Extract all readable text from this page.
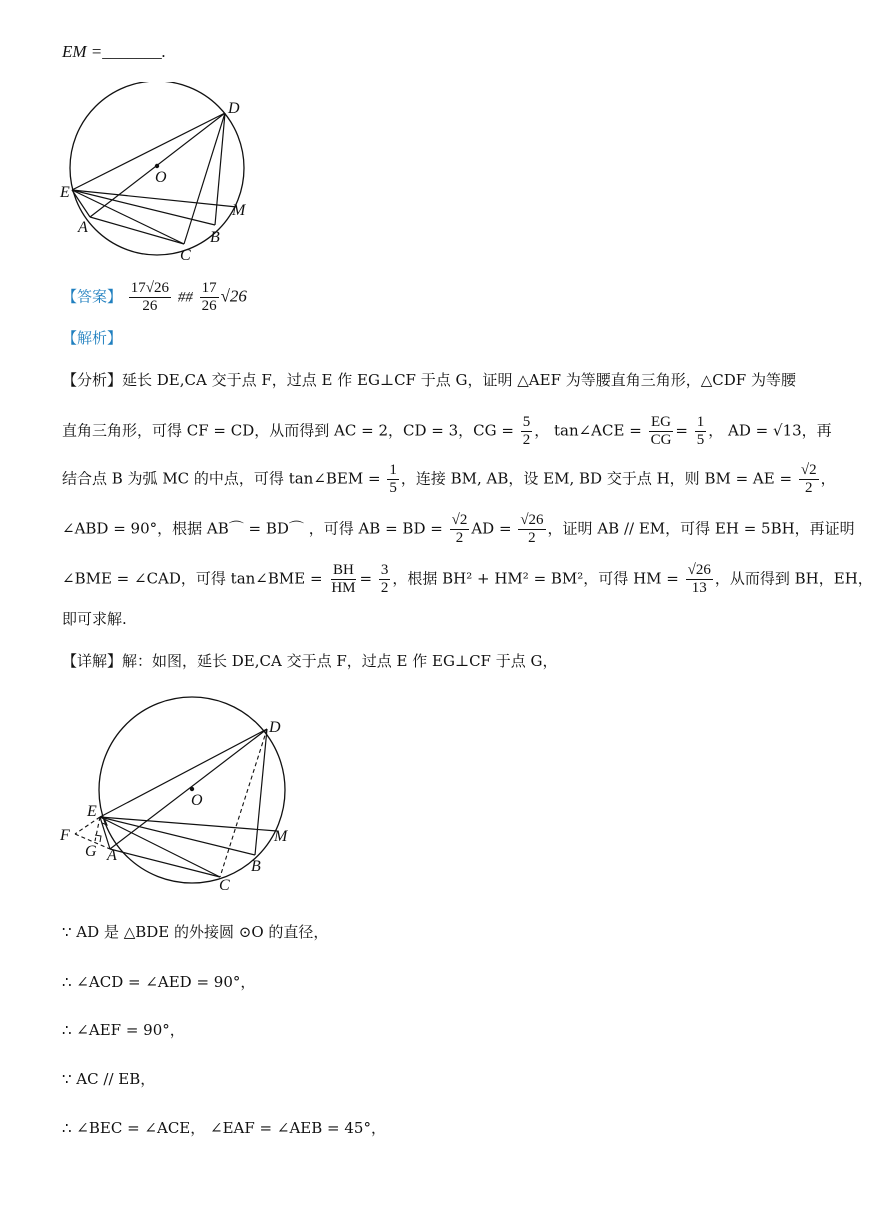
EM =_______.
D
O
E
M
A
B
C
【答案】 $\frac{17√26}{26}$ ## $\frac{17}{26} √26$
【解析】
【分析】延长 DE,CA 交于点 F，过点 E 作 EG⊥CF 于点 G，证明 △AEF 为等腰直角三角形，△CDF 为等腰
直角三角形，可得 CF = CD，从而得到 AC = 2，CD = 3，CG = $\frac{5}{2}$ ， tan∠ACE = $\frac{EG}{CG} = \frac{1}{5}$ ， AD = √13，再
结合点 B 为弧 MC 的中点，可得 tan∠BEM = $\frac{1}{5}$ ，连接 BM, AB，设 EM, BD 交于点 H，则 BM = AE = $\frac{√2}{2}$ ，
∠ABD = 90°，根据 AB⌒ = BD⌒ ，可得 AB = BD = $\frac{√2}{2}$ AD = $\frac{√26}{2}$ ，证明 AB // EM，可得 EH = 5BH，再证明
∠BME = ∠CAD，可得 tan∠BME = $\frac{BH}{HM} = \frac{3}{2}$ ，根据 BH² + HM² = BM²，可得 HM = $\frac{√26}{13}$ ，从而得到 BH，EH，
即可求解.
【详解】解：如图，延长 DE,CA 交于点 F，过点 E 作 EG⊥CF 于点 G，
D
O
E
F
G A
M
B
C
∵ AD 是 △BDE 的外接圆 ⊙O 的直径，
∴ ∠ACD = ∠AED = 90°，
∴ ∠AEF = 90°，
∵ AC // EB，
∴ ∠BEC = ∠ACE， ∠EAF = ∠AEB = 45°，
